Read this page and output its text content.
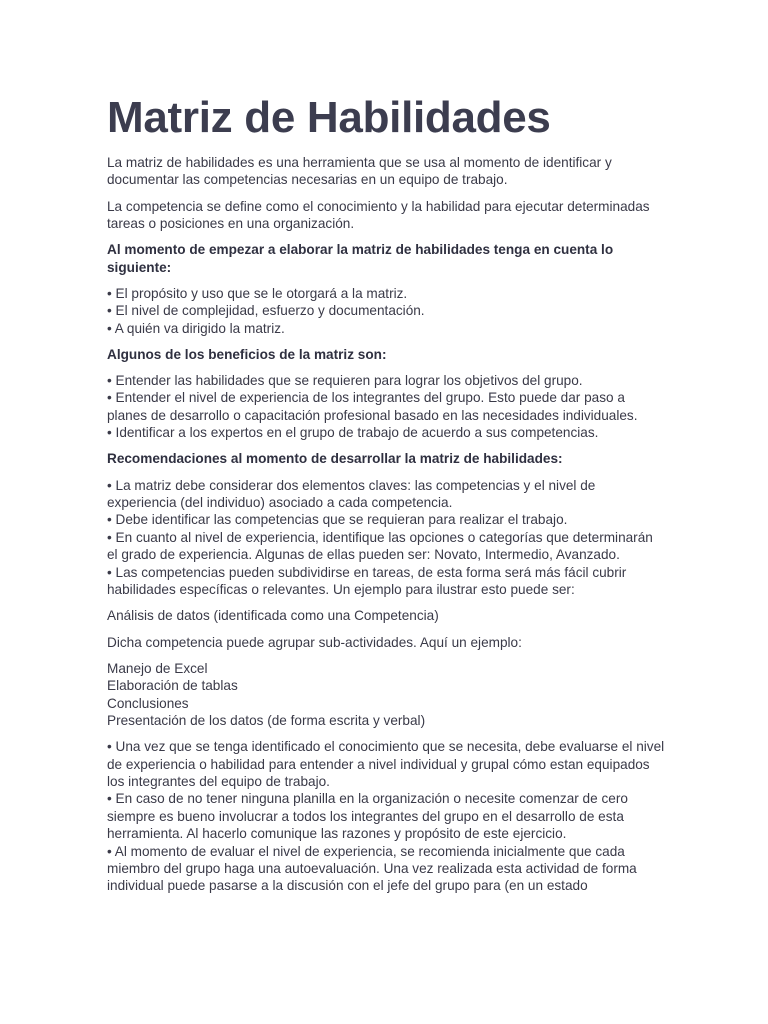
Matriz de Habilidades
La matriz de habilidades es una herramienta que se usa al momento de identificar y documentar las competencias necesarias en un equipo de trabajo.
La competencia se define como el conocimiento y la habilidad para ejecutar determinadas tareas o posiciones en una organización.
Al momento de empezar a elaborar la matriz de habilidades tenga en cuenta lo siguiente:
• El propósito y uso que se le otorgará a la matriz.
• El nivel de complejidad, esfuerzo y documentación.
• A quién va dirigido la matriz.
Algunos de los beneficios de la matriz son:
• Entender las habilidades que se requieren para lograr los objetivos del grupo.
• Entender el nivel de experiencia de los integrantes del grupo. Esto puede dar paso a planes de desarrollo o capacitación profesional basado en las necesidades individuales.
• Identificar a los expertos en el grupo de trabajo de acuerdo a sus competencias.
Recomendaciones al momento de desarrollar la matriz de habilidades:
• La matriz debe considerar dos elementos claves: las competencias y el nivel de experiencia (del individuo) asociado a cada competencia.
• Debe identificar las competencias que se requieran para realizar el trabajo.
• En cuanto al nivel de experiencia, identifique las opciones o categorías que determinarán el grado de experiencia. Algunas de ellas pueden ser: Novato, Intermedio, Avanzado.
• Las competencias pueden subdividirse en tareas, de esta forma será más fácil cubrir habilidades específicas o relevantes. Un ejemplo para ilustrar esto puede ser:
Análisis de datos (identificada como una Competencia)
Dicha competencia puede agrupar sub-actividades. Aquí un ejemplo:
Manejo de Excel
Elaboración de tablas
Conclusiones
Presentación de los datos (de forma escrita y verbal)
• Una vez que se tenga identificado el conocimiento que se necesita, debe evaluarse el nivel de experiencia o habilidad para entender a nivel individual y grupal cómo estan equipados los integrantes del equipo de trabajo.
• En caso de no tener ninguna planilla en la organización o necesite comenzar de cero siempre es bueno involucrar a todos los integrantes del grupo en el desarrollo de esta herramienta. Al hacerlo comunique las razones y propósito de este ejercicio.
• Al momento de evaluar el nivel de experiencia, se recomienda inicialmente que cada miembro del grupo haga una autoevaluación. Una vez realizada esta actividad de forma individual puede pasarse a la discusión con el jefe del grupo para (en un estado
